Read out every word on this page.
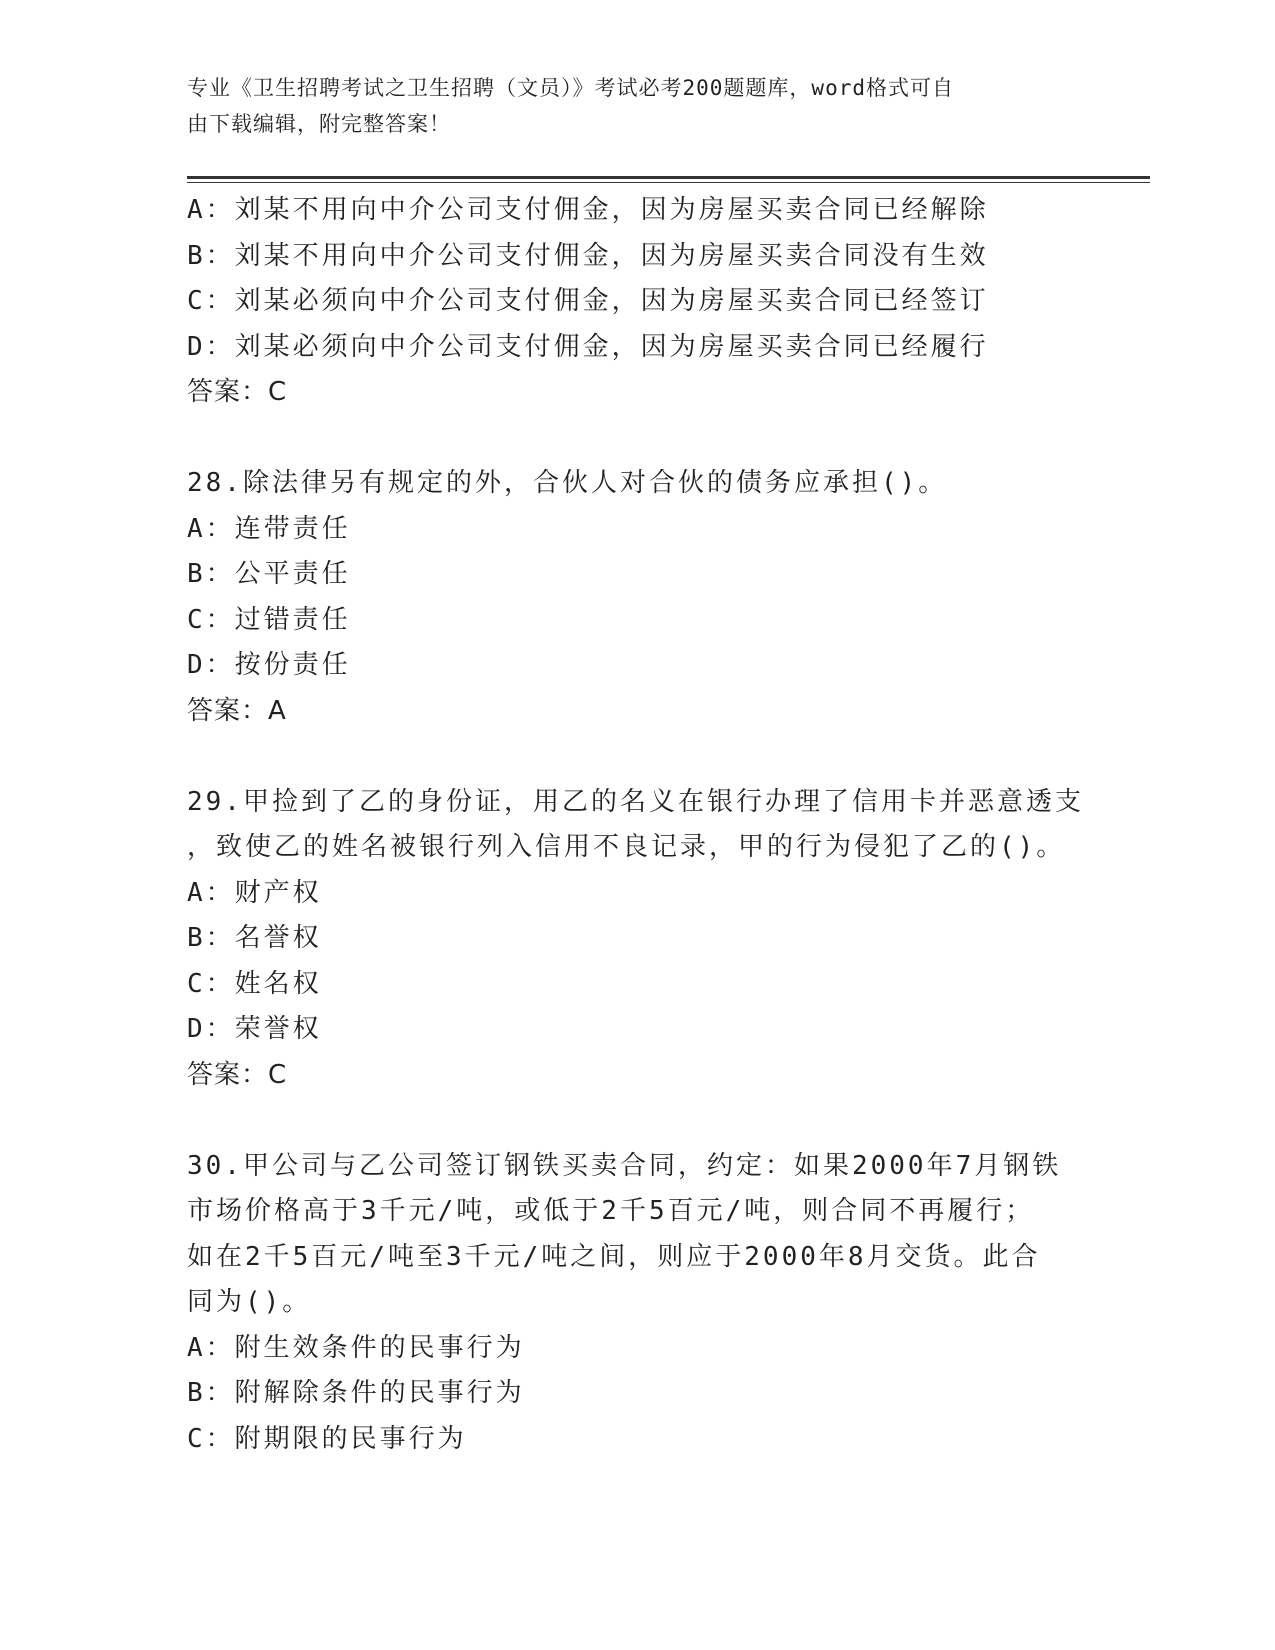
专业《卫生招聘考试之卫生招聘（文员）》考试必考200题题库，word格式可自
由下载编辑，附完整答案！
A：刘某不用向中介公司支付佣金，因为房屋买卖合同已经解除
B：刘某不用向中介公司支付佣金，因为房屋买卖合同没有生效
C：刘某必须向中介公司支付佣金，因为房屋买卖合同已经签订
D：刘某必须向中介公司支付佣金，因为房屋买卖合同已经履行
答案：C
28.除法律另有规定的外，合伙人对合伙的债务应承担()。
A：连带责任
B：公平责任
C：过错责任
D：按份责任
答案：A
29.甲捡到了乙的身份证，用乙的名义在银行办理了信用卡并恶意透支
，致使乙的姓名被银行列入信用不良记录，甲的行为侵犯了乙的()。
A：财产权
B：名誉权
C：姓名权
D：荣誉权
答案：C
30.甲公司与乙公司签订钢铁买卖合同，约定：如果2000年7月钢铁
市场价格高于3千元/吨，或低于2千5百元/吨，则合同不再履行；
如在2千5百元/吨至3千元/吨之间，则应于2000年8月交货。此合
同为()。
A：附生效条件的民事行为
B：附解除条件的民事行为
C：附期限的民事行为
